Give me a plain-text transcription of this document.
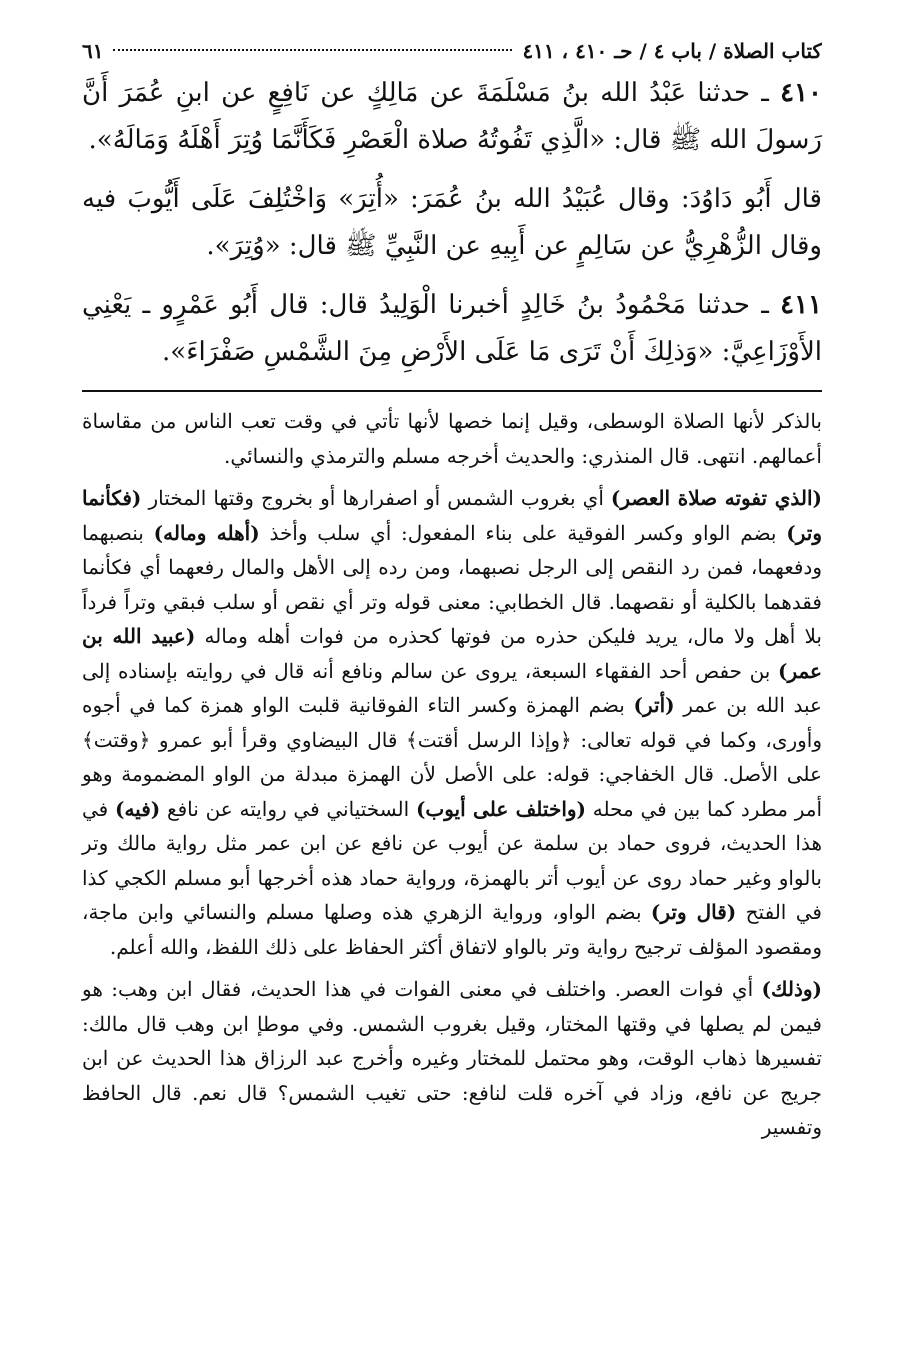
كتاب الصلاة / باب ٤ / حـ ٤١٠ ، ٤١١
٦١

٤١٠ ـ حدثنا عَبْدُ الله بنُ مَسْلَمَةَ عن مَالِكٍ عن نَافِعٍ عن ابنِ عُمَرَ أَنَّ رَسولَ الله ﷺ قال: «الَّذِي تَفُوتُهُ صلاة الْعَصْرِ فَكَأَنَّمَا وُتِرَ أَهْلَهُ وَمَالَهُ».

قال أَبُو دَاوُدَ: وقال عُبَيْدُ الله بنُ عُمَرَ: «أُتِرَ» وَاخْتُلِفَ عَلَى أَيُّوبَ فيه وقال الزُّهْرِيُّ عن سَالِمٍ عن أَبِيهِ عن النَّبِيِّ ﷺ قال: «وُتِرَ».

٤١١ ـ حدثنا مَحْمُودُ بنُ خَالِدٍ أخبرنا الْوَلِيدُ قال: قال أَبُو عَمْرٍو ـ يَعْنِي الأَوْزَاعِيَّ: «وَذلِكَ أَنْ تَرَى مَا عَلَى الأَرْضِ مِنَ الشَّمْسِ صَفْرَاءَ».

بالذكر لأنها الصلاة الوسطى، وقيل إنما خصها لأنها تأتي في وقت تعب الناس من مقاساة أعمالهم. انتهى. قال المنذري: والحديث أخرجه مسلم والترمذي والنسائي.

(الذي تفوته صلاة العصر) أي بغروب الشمس أو اصفرارها أو بخروج وقتها المختار (فكأنما وتر) بضم الواو وكسر الفوقية على بناء المفعول: أي سلب وأخذ (أهله وماله) بنصبهما ودفعهما، فمن رد النقص إلى الرجل نصبهما، ومن رده إلى الأهل والمال رفعهما أي فكأنما فقدهما بالكلية أو نقصهما. قال الخطابي: معنى قوله وتر أي نقص أو سلب فبقي وتراً فرداً بلا أهل ولا مال، يريد فليكن حذره من فوتها كحذره من فوات أهله وماله (عبيد الله بن عمر) بن حفص أحد الفقهاء السبعة، يروى عن سالم ونافع أنه قال في روايته بإسناده إلى عبد الله بن عمر (أتر) بضم الهمزة وكسر التاء الفوقانية قلبت الواو همزة كما في أجوه وأورى، وكما في قوله تعالى: ﴿وإذا الرسل أقتت﴾ قال البيضاوي وقرأ أبو عمرو ﴿وقتت﴾ على الأصل. قال الخفاجي: قوله: على الأصل لأن الهمزة مبدلة من الواو المضمومة وهو أمر مطرد كما بين في محله (واختلف على أيوب) السختياني في روايته عن نافع (فيه) في هذا الحديث، فروى حماد بن سلمة عن أيوب عن نافع عن ابن عمر مثل رواية مالك وتر بالواو وغير حماد روى عن أيوب أتر بالهمزة، ورواية حماد هذه أخرجها أبو مسلم الكجي كذا في الفتح (قال وتر) بضم الواو، ورواية الزهري هذه وصلها مسلم والنسائي وابن ماجة، ومقصود المؤلف ترجيح رواية وتر بالواو لاتفاق أكثر الحفاظ على ذلك اللفظ، والله أعلم.

(وذلك) أي فوات العصر. واختلف في معنى الفوات في هذا الحديث، فقال ابن وهب: هو فيمن لم يصلها في وقتها المختار، وقيل بغروب الشمس. وفي موطإ ابن وهب قال مالك: تفسيرها ذهاب الوقت، وهو محتمل للمختار وغيره وأخرج عبد الرزاق هذا الحديث عن ابن جريج عن نافع، وزاد في آخره قلت لنافع: حتى تغيب الشمس؟ قال نعم. قال الحافظ وتفسير
